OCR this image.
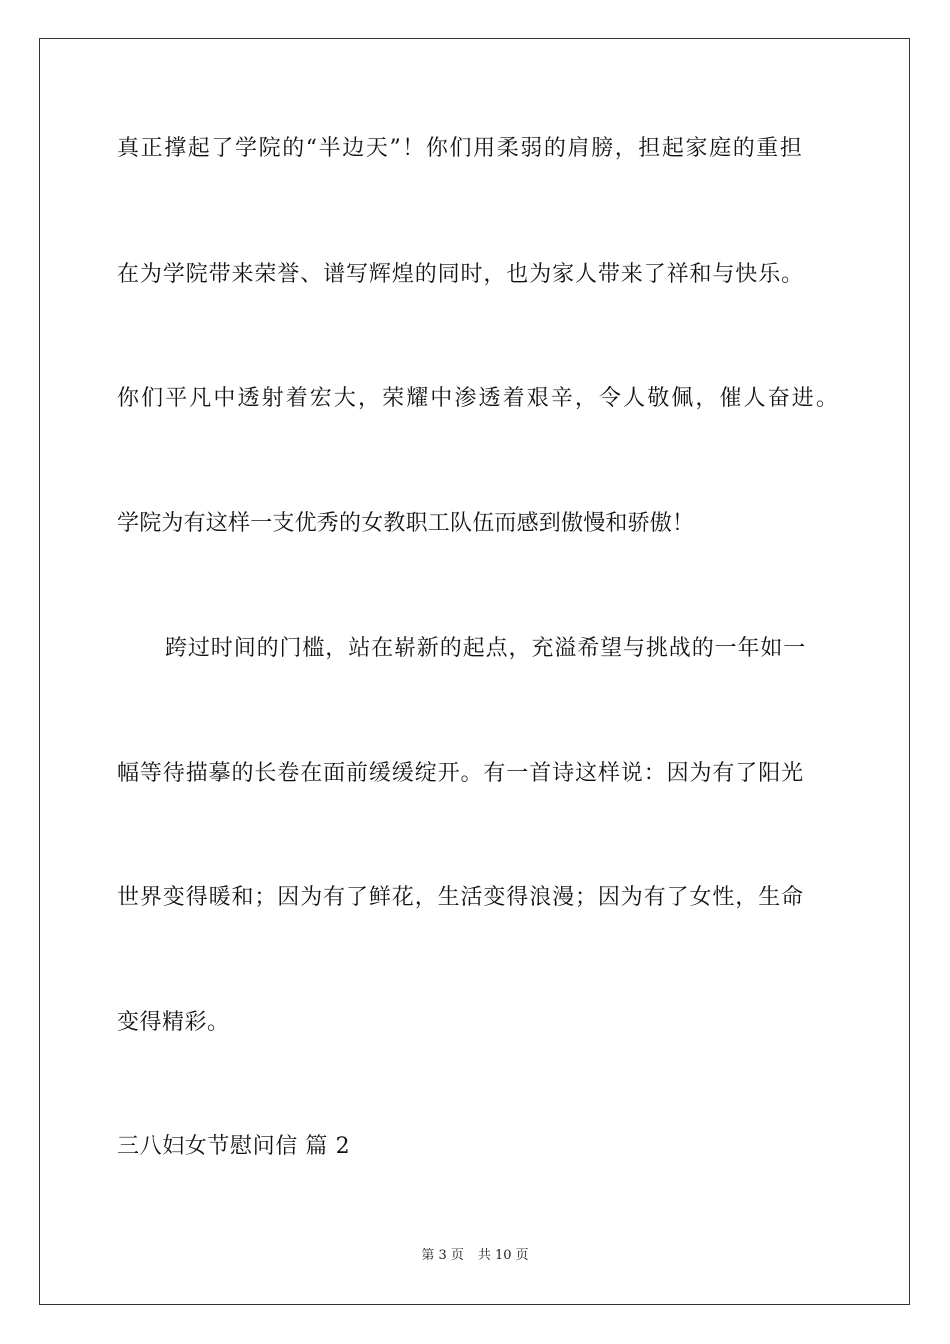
真正撑起了学院的“半边天”！你们用柔弱的肩膀，担起家庭的重担
在为学院带来荣誉、谱写辉煌的同时，也为家人带来了祥和与快乐。
你们平凡中透射着宏大，荣耀中渗透着艰辛，令人敬佩，催人奋进。
学院为有这样一支优秀的女教职工队伍而感到傲慢和骄傲！
跨过时间的门槛，站在崭新的起点，充溢希望与挑战的一年如一
幅等待描摹的长卷在面前缓缓绽开。有一首诗这样说：因为有了阳光
世界变得暖和；因为有了鲜花，生活变得浪漫；因为有了女性，生命
变得精彩。
三八妇女节慰问信 篇 2
第 3 页 共 10 页
